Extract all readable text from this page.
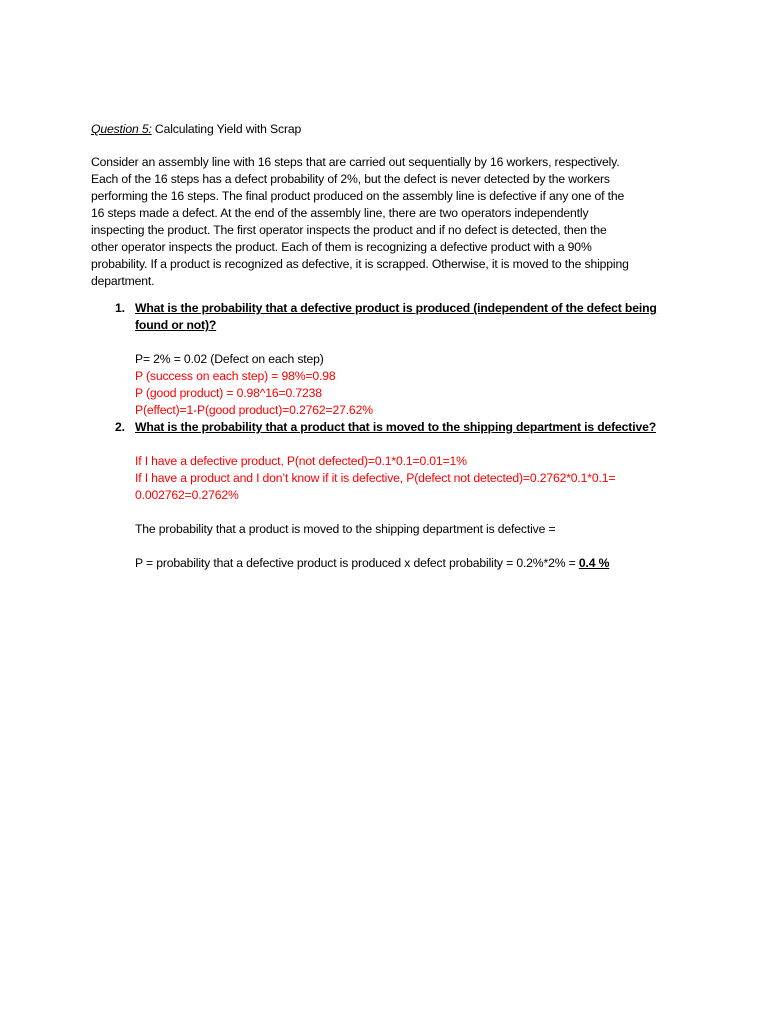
Question 5: Calculating Yield with Scrap
Consider an assembly line with 16 steps that are carried out sequentially by 16 workers, respectively.
Each of the 16 steps has a defect probability of 2%, but the defect is never detected by the workers
performing the 16 steps. The final product produced on the assembly line is defective if any one of the
16 steps made a defect. At the end of the assembly line, there are two operators independently
inspecting the product. The first operator inspects the product and if no defect is detected, then the
other operator inspects the product. Each of them is recognizing a defective product with a 90%
probability. If a product is recognized as defective, it is scrapped. Otherwise, it is moved to the shipping
department.
1. What is the probability that a defective product is produced (independent of the defect being
found or not)?
P= 2% = 0.02 (Defect on each step)
P (success on each step) = 98%=0.98
P (good product) = 0.98^16=0.7238
P(effect)=1-P(good product)=0.2762=27.62%
2. What is the probability that a product that is moved to the shipping department is defective?
If I have a defective product, P(not defected)=0.1*0.1=0.01=1%
If I have a product and I don’t know if it is defective, P(defect not detected)=0.2762*0.1*0.1=
0.002762=0.2762%
The probability that a product is moved to the shipping department is defective =
P = probability that a defective product is produced x defect probability = 0.2%*2% = 0.4 %
